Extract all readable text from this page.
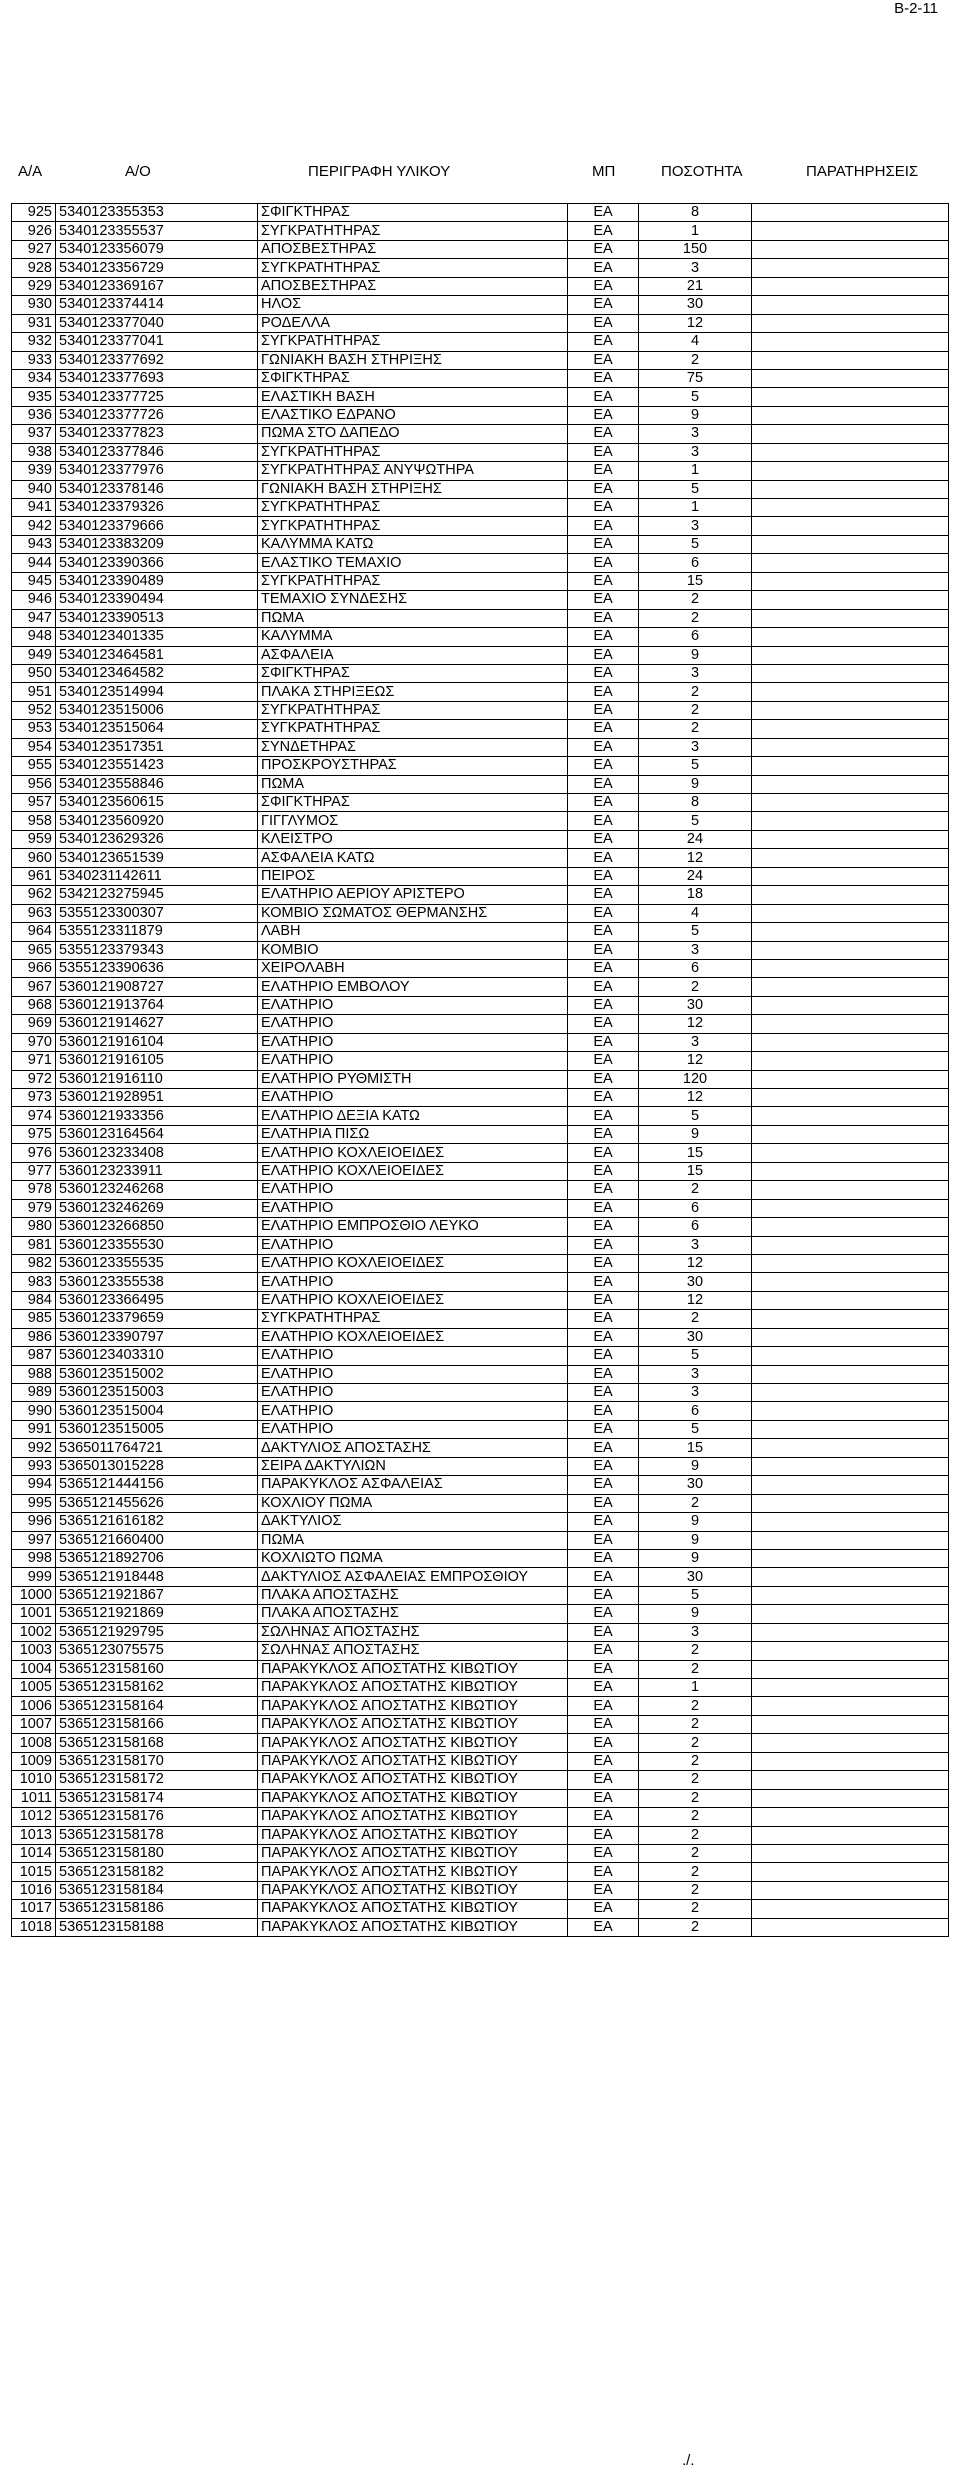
Β-2-11
Α/Α	Α/Ο	ΠΕΡΙΓΡΑΦΗ ΥΛΙΚΟΥ	ΜΠ	ΠΟΣΟΤΗΤΑ	ΠΑΡΑΤΗΡΗΣΕΙΣ
925	5340123355353	ΣΦΙΓΚΤΗΡΑΣ	ΕΑ	8	
926	5340123355537	ΣΥΓΚΡΑΤΗΤΗΡΑΣ	ΕΑ	1	
927	5340123356079	ΑΠΟΣΒΕΣΤΗΡΑΣ	ΕΑ	150	
928	5340123356729	ΣΥΓΚΡΑΤΗΤΗΡΑΣ	ΕΑ	3	
929	5340123369167	ΑΠΟΣΒΕΣΤΗΡΑΣ	ΕΑ	21	
930	5340123374414	ΗΛΟΣ	ΕΑ	30	
931	5340123377040	ΡΟΔΕΛΛΑ	ΕΑ	12	
932	5340123377041	ΣΥΓΚΡΑΤΗΤΗΡΑΣ	ΕΑ	4	
933	5340123377692	ΓΩΝΙΑΚΗ ΒΑΣΗ ΣΤΗΡΙΞΗΣ	ΕΑ	2	
934	5340123377693	ΣΦΙΓΚΤΗΡΑΣ	ΕΑ	75	
935	5340123377725	ΕΛΑΣΤΙΚΗ ΒΑΣΗ	ΕΑ	5	
936	5340123377726	ΕΛΑΣΤΙΚΟ ΕΔΡΑΝΟ	ΕΑ	9	
937	5340123377823	ΠΩΜΑ ΣΤΟ ΔΑΠΕΔΟ	ΕΑ	3	
938	5340123377846	ΣΥΓΚΡΑΤΗΤΗΡΑΣ	ΕΑ	3	
939	5340123377976	ΣΥΓΚΡΑΤΗΤΗΡΑΣ ΑΝΥΨΩΤΗΡΑ	ΕΑ	1	
940	5340123378146	ΓΩΝΙΑΚΗ ΒΑΣΗ ΣΤΗΡΙΞΗΣ	ΕΑ	5	
941	5340123379326	ΣΥΓΚΡΑΤΗΤΗΡΑΣ	ΕΑ	1	
942	5340123379666	ΣΥΓΚΡΑΤΗΤΗΡΑΣ	ΕΑ	3	
943	5340123383209	ΚΑΛΥΜΜΑ ΚΑΤΩ	ΕΑ	5	
944	5340123390366	ΕΛΑΣΤΙΚΟ ΤΕΜΑΧΙΟ	ΕΑ	6	
945	5340123390489	ΣΥΓΚΡΑΤΗΤΗΡΑΣ	ΕΑ	15	
946	5340123390494	ΤΕΜΑΧΙΟ ΣΥΝΔΕΣΗΣ	ΕΑ	2	
947	5340123390513	ΠΩΜΑ	ΕΑ	2	
948	5340123401335	ΚΑΛΥΜΜΑ	ΕΑ	6	
949	5340123464581	ΑΣΦΑΛΕΙΑ	ΕΑ	9	
950	5340123464582	ΣΦΙΓΚΤΗΡΑΣ	ΕΑ	3	
951	5340123514994	ΠΛΑΚΑ ΣΤΗΡΙΞΕΩΣ	ΕΑ	2	
952	5340123515006	ΣΥΓΚΡΑΤΗΤΗΡΑΣ	ΕΑ	2	
953	5340123515064	ΣΥΓΚΡΑΤΗΤΗΡΑΣ	ΕΑ	2	
954	5340123517351	ΣΥΝΔΕΤΗΡΑΣ	ΕΑ	3	
955	5340123551423	ΠΡΟΣΚΡΟΥΣΤΗΡΑΣ	ΕΑ	5	
956	5340123558846	ΠΩΜΑ	ΕΑ	9	
957	5340123560615	ΣΦΙΓΚΤΗΡΑΣ	ΕΑ	8	
958	5340123560920	ΓΙΓΓΛΥΜΟΣ	ΕΑ	5	
959	5340123629326	ΚΛΕΙΣΤΡΟ	ΕΑ	24	
960	5340123651539	ΑΣΦΑΛΕΙΑ ΚΑΤΩ	ΕΑ	12	
961	5340231142611	ΠΕΙΡΟΣ	ΕΑ	24	
962	5342123275945	ΕΛΑΤΗΡΙΟ ΑΕΡΙΟΥ ΑΡΙΣΤΕΡΟ	ΕΑ	18	
963	5355123300307	ΚΟΜΒΙΟ ΣΩΜΑΤΟΣ ΘΕΡΜΑΝΣΗΣ	ΕΑ	4	
964	5355123311879	ΛΑΒΗ	ΕΑ	5	
965	5355123379343	ΚΟΜΒΙΟ	ΕΑ	3	
966	5355123390636	ΧΕΙΡΟΛΑΒΗ	ΕΑ	6	
967	5360121908727	ΕΛΑΤΗΡΙΟ ΕΜΒΟΛΟΥ	ΕΑ	2	
968	5360121913764	ΕΛΑΤΗΡΙΟ	ΕΑ	30	
969	5360121914627	ΕΛΑΤΗΡΙΟ	ΕΑ	12	
970	5360121916104	ΕΛΑΤΗΡΙΟ	ΕΑ	3	
971	5360121916105	ΕΛΑΤΗΡΙΟ	ΕΑ	12	
972	5360121916110	ΕΛΑΤΗΡΙΟ ΡΥΘΜΙΣΤΗ	ΕΑ	120	
973	5360121928951	ΕΛΑΤΗΡΙΟ	ΕΑ	12	
974	5360121933356	ΕΛΑΤΗΡΙΟ ΔΕΞΙΑ ΚΑΤΩ	ΕΑ	5	
975	5360123164564	ΕΛΑΤΗΡΙΑ ΠΙΣΩ	ΕΑ	9	
976	5360123233408	ΕΛΑΤΗΡΙΟ ΚΟΧΛΕΙΟΕΙΔΕΣ	ΕΑ	15	
977	5360123233911	ΕΛΑΤΗΡΙΟ ΚΟΧΛΕΙΟΕΙΔΕΣ	ΕΑ	15	
978	5360123246268	ΕΛΑΤΗΡΙΟ	ΕΑ	2	
979	5360123246269	ΕΛΑΤΗΡΙΟ	ΕΑ	6	
980	5360123266850	ΕΛΑΤΗΡΙΟ ΕΜΠΡΟΣΘΙΟ ΛΕΥΚΟ	ΕΑ	6	
981	5360123355530	ΕΛΑΤΗΡΙΟ	ΕΑ	3	
982	5360123355535	ΕΛΑΤΗΡΙΟ ΚΟΧΛΕΙΟΕΙΔΕΣ	ΕΑ	12	
983	5360123355538	ΕΛΑΤΗΡΙΟ	ΕΑ	30	
984	5360123366495	ΕΛΑΤΗΡΙΟ ΚΟΧΛΕΙΟΕΙΔΕΣ	ΕΑ	12	
985	5360123379659	ΣΥΓΚΡΑΤΗΤΗΡΑΣ	ΕΑ	2	
986	5360123390797	ΕΛΑΤΗΡΙΟ ΚΟΧΛΕΙΟΕΙΔΕΣ	ΕΑ	30	
987	5360123403310	ΕΛΑΤΗΡΙΟ	ΕΑ	5	
988	5360123515002	ΕΛΑΤΗΡΙΟ	ΕΑ	3	
989	5360123515003	ΕΛΑΤΗΡΙΟ	ΕΑ	3	
990	5360123515004	ΕΛΑΤΗΡΙΟ	ΕΑ	6	
991	5360123515005	ΕΛΑΤΗΡΙΟ	ΕΑ	5	
992	5365011764721	ΔΑΚΤΥΛΙΟΣ ΑΠΟΣΤΑΣΗΣ	ΕΑ	15	
993	5365013015228	ΣΕΙΡΑ ΔΑΚΤΥΛΙΩΝ	ΕΑ	9	
994	5365121444156	ΠΑΡΑΚΥΚΛΟΣ ΑΣΦΑΛΕΙΑΣ	ΕΑ	30	
995	5365121455626	ΚΟΧΛΙΟΥ ΠΩΜΑ	ΕΑ	2	
996	5365121616182	ΔΑΚΤΥΛΙΟΣ	ΕΑ	9	
997	5365121660400	ΠΩΜΑ	ΕΑ	9	
998	5365121892706	ΚΟΧΛΙΩΤΟ ΠΩΜΑ	ΕΑ	9	
999	5365121918448	ΔΑΚΤΥΛΙΟΣ ΑΣΦΑΛΕΙΑΣ ΕΜΠΡΟΣΘΙΟΥ	ΕΑ	30	
1000	5365121921867	ΠΛΑΚΑ ΑΠΟΣΤΑΣΗΣ	ΕΑ	5	
1001	5365121921869	ΠΛΑΚΑ ΑΠΟΣΤΑΣΗΣ	ΕΑ	9	
1002	5365121929795	ΣΩΛΗΝΑΣ ΑΠΟΣΤΑΣΗΣ	ΕΑ	3	
1003	5365123075575	ΣΩΛΗΝΑΣ ΑΠΟΣΤΑΣΗΣ	ΕΑ	2	
1004	5365123158160	ΠΑΡΑΚΥΚΛΟΣ ΑΠΟΣΤΑΤΗΣ ΚΙΒΩΤΙΟΥ	ΕΑ	2	
1005	5365123158162	ΠΑΡΑΚΥΚΛΟΣ ΑΠΟΣΤΑΤΗΣ ΚΙΒΩΤΙΟΥ	ΕΑ	1	
1006	5365123158164	ΠΑΡΑΚΥΚΛΟΣ ΑΠΟΣΤΑΤΗΣ ΚΙΒΩΤΙΟΥ	ΕΑ	2	
1007	5365123158166	ΠΑΡΑΚΥΚΛΟΣ ΑΠΟΣΤΑΤΗΣ ΚΙΒΩΤΙΟΥ	ΕΑ	2	
1008	5365123158168	ΠΑΡΑΚΥΚΛΟΣ ΑΠΟΣΤΑΤΗΣ ΚΙΒΩΤΙΟΥ	ΕΑ	2	
1009	5365123158170	ΠΑΡΑΚΥΚΛΟΣ ΑΠΟΣΤΑΤΗΣ ΚΙΒΩΤΙΟΥ	ΕΑ	2	
1010	5365123158172	ΠΑΡΑΚΥΚΛΟΣ ΑΠΟΣΤΑΤΗΣ ΚΙΒΩΤΙΟΥ	ΕΑ	2	
1011	5365123158174	ΠΑΡΑΚΥΚΛΟΣ ΑΠΟΣΤΑΤΗΣ ΚΙΒΩΤΙΟΥ	ΕΑ	2	
1012	5365123158176	ΠΑΡΑΚΥΚΛΟΣ ΑΠΟΣΤΑΤΗΣ ΚΙΒΩΤΙΟΥ	ΕΑ	2	
1013	5365123158178	ΠΑΡΑΚΥΚΛΟΣ ΑΠΟΣΤΑΤΗΣ ΚΙΒΩΤΙΟΥ	ΕΑ	2	
1014	5365123158180	ΠΑΡΑΚΥΚΛΟΣ ΑΠΟΣΤΑΤΗΣ ΚΙΒΩΤΙΟΥ	ΕΑ	2	
1015	5365123158182	ΠΑΡΑΚΥΚΛΟΣ ΑΠΟΣΤΑΤΗΣ ΚΙΒΩΤΙΟΥ	ΕΑ	2	
1016	5365123158184	ΠΑΡΑΚΥΚΛΟΣ ΑΠΟΣΤΑΤΗΣ ΚΙΒΩΤΙΟΥ	ΕΑ	2	
1017	5365123158186	ΠΑΡΑΚΥΚΛΟΣ ΑΠΟΣΤΑΤΗΣ ΚΙΒΩΤΙΟΥ	ΕΑ	2	
1018	5365123158188	ΠΑΡΑΚΥΚΛΟΣ ΑΠΟΣΤΑΤΗΣ ΚΙΒΩΤΙΟΥ	ΕΑ	2	
./.
